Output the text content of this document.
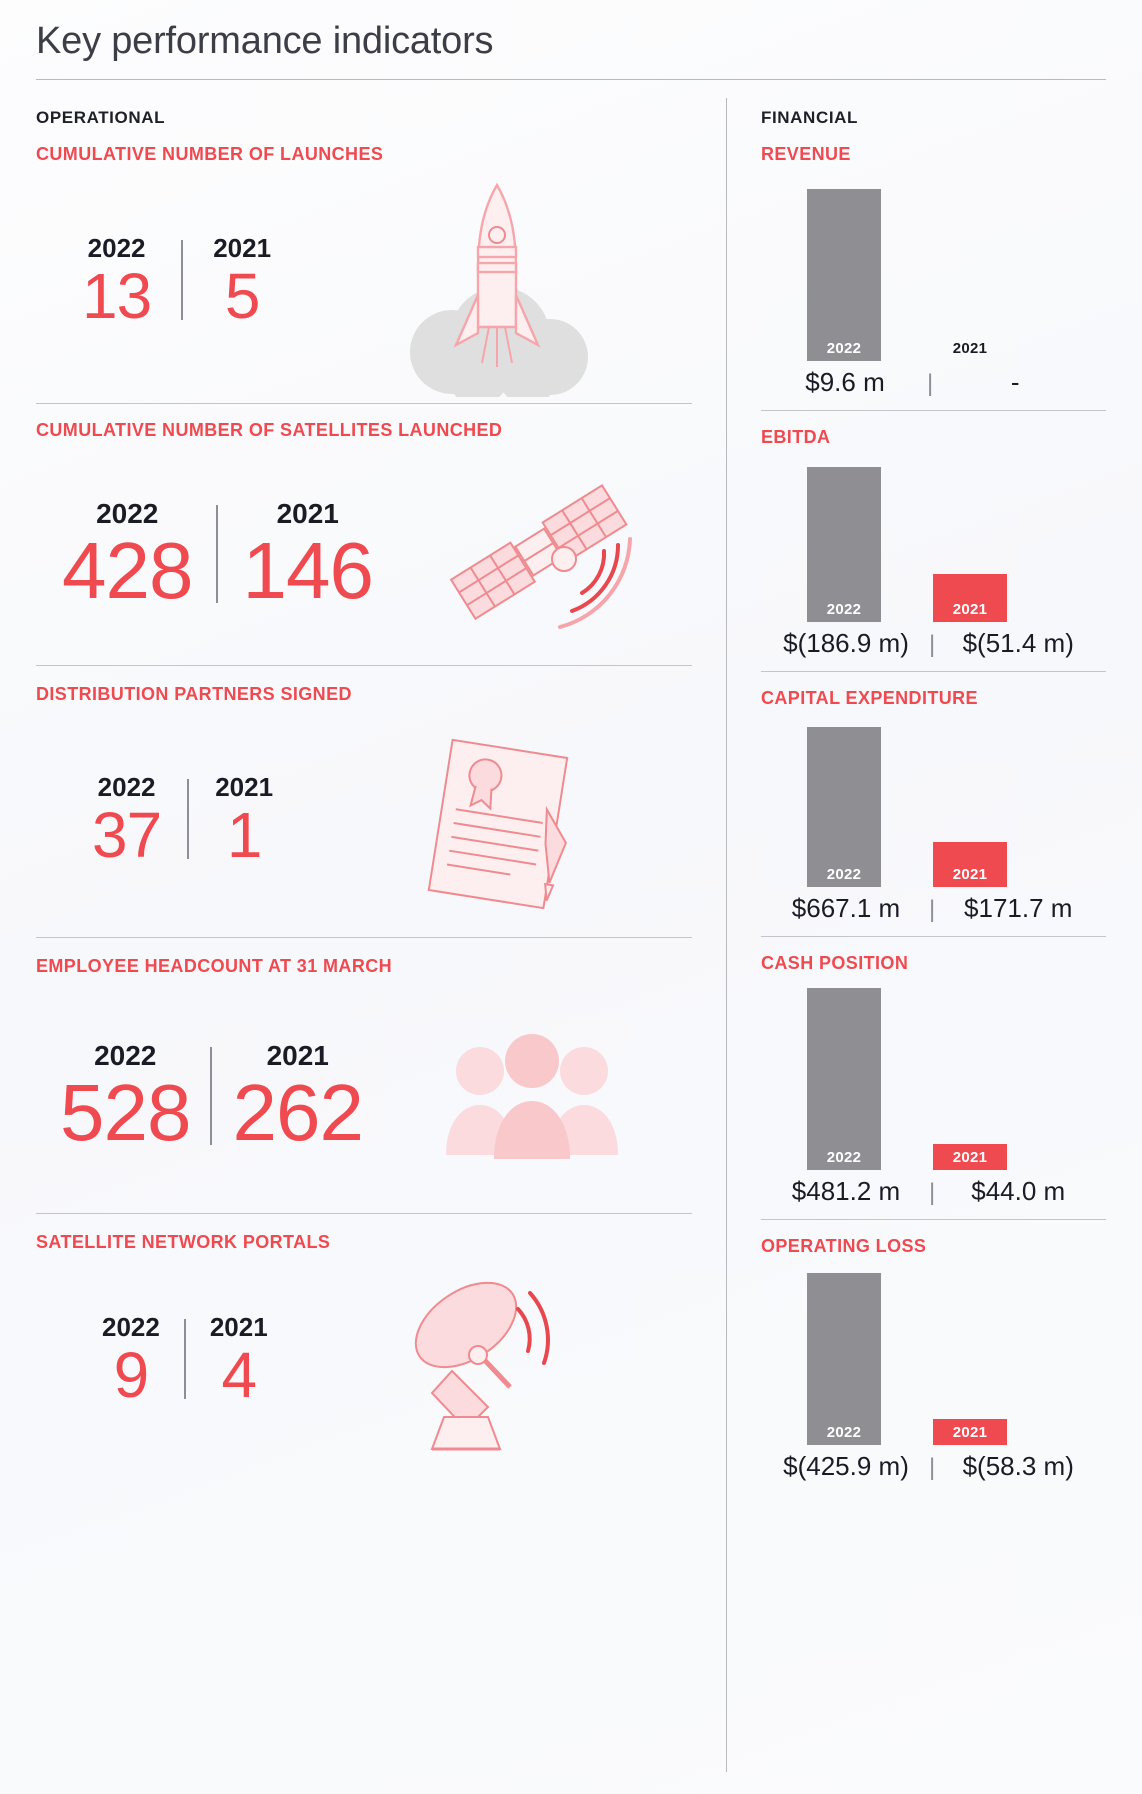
Key performance indicators
OPERATIONAL
CUMULATIVE NUMBER OF LAUNCHES
2022
13
2021
5
CUMULATIVE NUMBER OF SATELLITES LAUNCHED
2022
428
2021
146
DISTRIBUTION PARTNERS SIGNED
2022
37
2021
1
EMPLOYEE HEADCOUNT AT 31 MARCH
2022
528
2021
262
SATELLITE NETWORK PORTALS
2022
9
2021
4
FINANCIAL
REVENUE
2022	2021
$9.6 m	|	-
EBITDA
2022	2021
$(186.9 m) |	$(51.4 m)
CAPITAL EXPENDITURE
2022	2021
$667.1 m	|	$171.7 m
CASH POSITION
2022	2021
$481.2 m	|	$44.0 m
OPERATING LOSS
2022	2021
$(425.9 m) |	$(58.3 m)
